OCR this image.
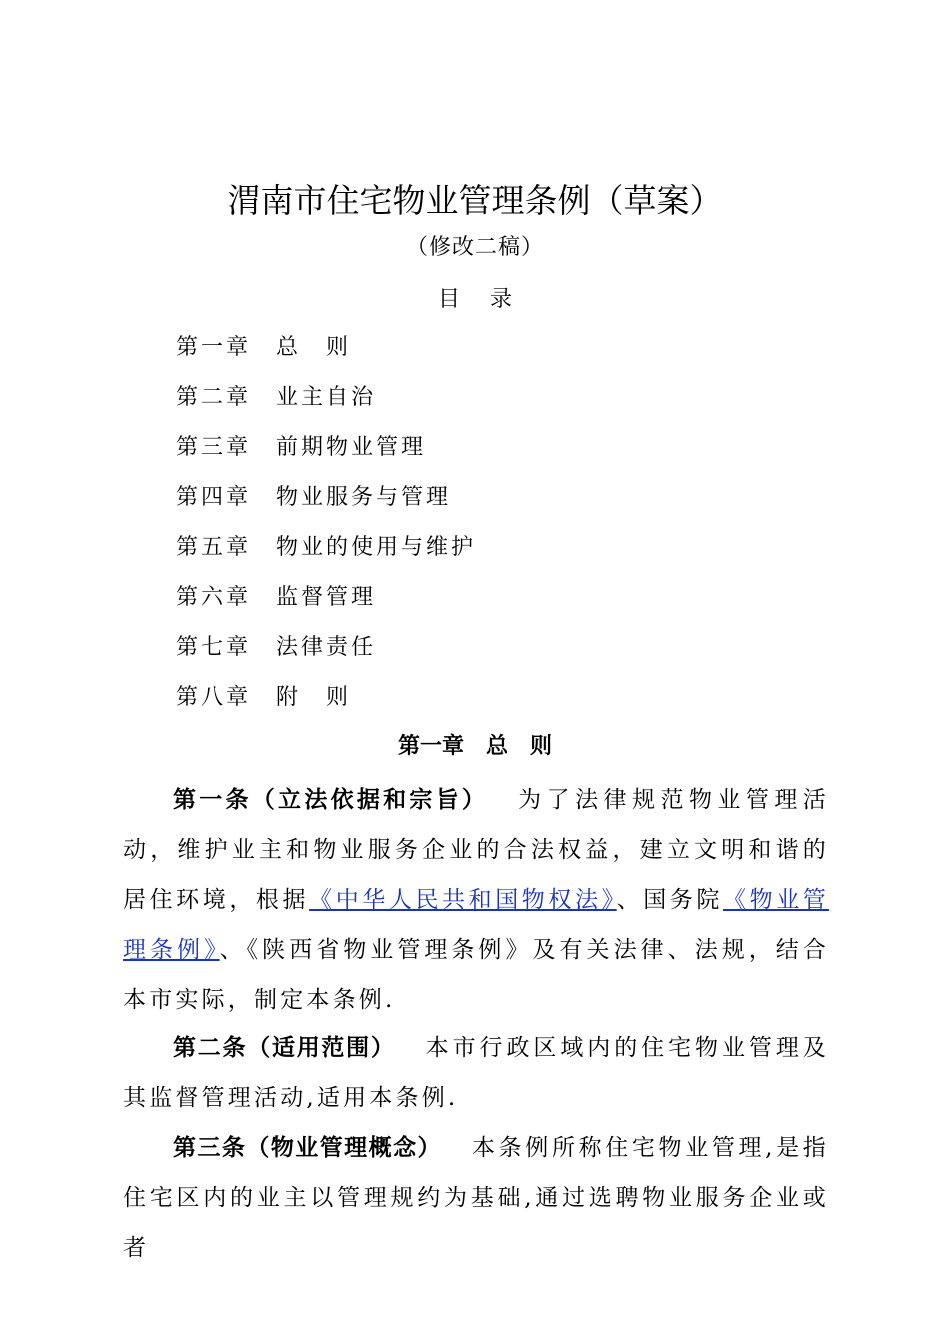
渭南市住宅物业管理条例（草案）
（修改二稿）
目录
第一章 总　则
第二章 业主自治
第三章 前期物业管理
第四章 物业服务与管理
第五章 物业的使用与维护
第六章 监督管理
第七章 法律责任
第八章 附　则
第一章　总　则

第一条（立法依据和宗旨） 为了法律规范物业管理活动，维护业主和物业服务企业的合法权益，建立文明和谐的居住环境，根据《中华人民共和国物权法》、国务院《物业管理条例》、《陕西省物业管理条例》及有关法律、法规，结合本市实际，制定本条例.

第二条（适用范围） 本市行政区域内的住宅物业管理及其监督管理活动,适用本条例.

第三条（物业管理概念） 本条例所称住宅物业管理,是指住宅区内的业主以管理规约为基础,通过选聘物业服务企业或者
